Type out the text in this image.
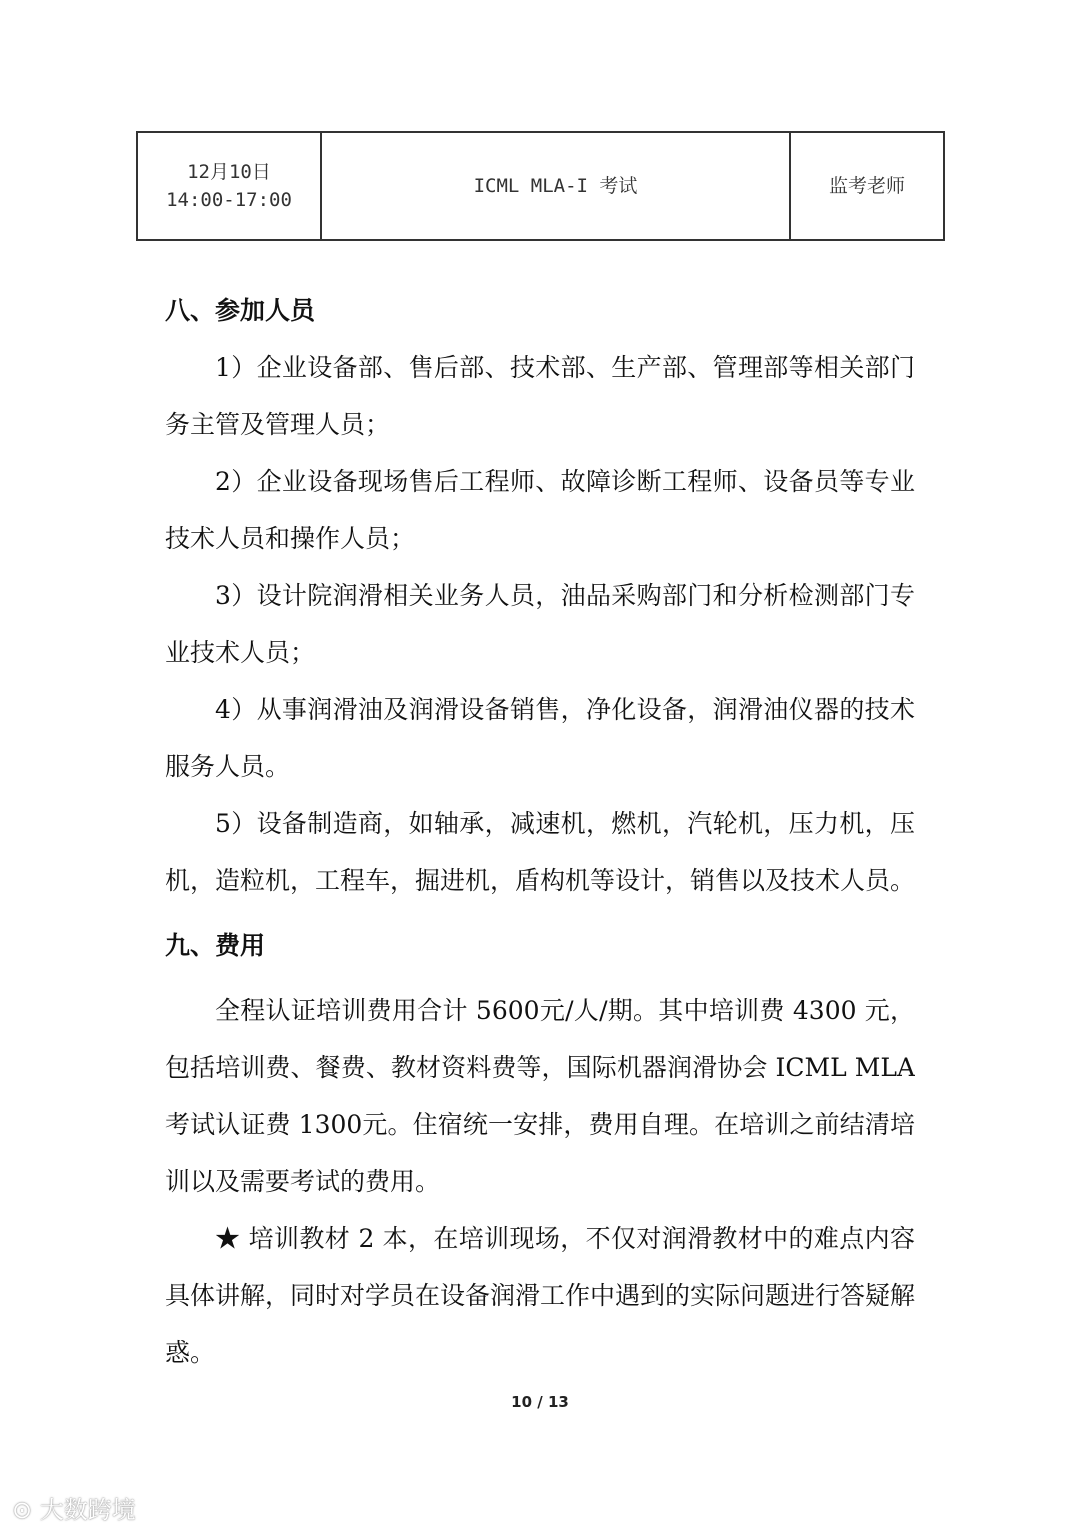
12月10日
14:00-17:00
	ICML MLA-I 考试	监考老师
八、参加人员
1）企业设备部、售后部、技术部、生产部、管理部等相关部门
务主管及管理人员；
2）企业设备现场售后工程师、故障诊断工程师、设备员等专业
技术人员和操作人员；
3）设计院润滑相关业务人员，油品采购部门和分析检测部门专
业技术人员；
4）从事润滑油及润滑设备销售，净化设备，润滑油仪器的技术
服务人员。
5）设备制造商，如轴承，减速机，燃机，汽轮机，压力机，压
机，造粒机，工程车，掘进机，盾构机等设计，销售以及技术人员。
九、费用
全程认证培训费用合计 5600元/人/期。其中培训费 4300 元，
包括培训费、餐费、教材资料费等，国际机器润滑协会 ICML MLA
考试认证费 1300元。住宿统一安排，费用自理。在培训之前结清培
训以及需要考试的费用。
★ 培训教材 2 本，在培训现场，不仅对润滑教材中的难点内容
具体讲解，同时对学员在设备润滑工作中遇到的实际问题进行答疑解
惑。
10 / 13
⊙ 大数跨境
